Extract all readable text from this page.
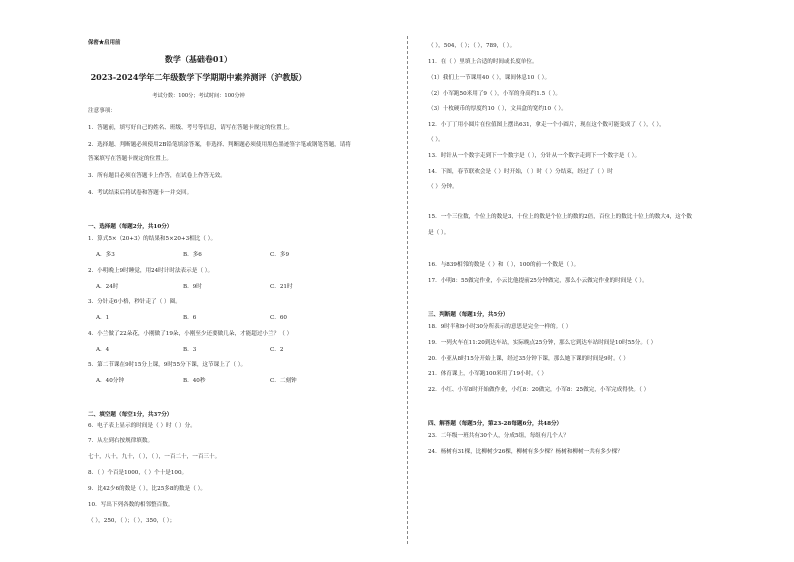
保密★启用前
数学（基础卷01）
2023-2024学年二年级数学下学期期中素养测评（沪教版）
考试分数：100分；考试时间：100分钟
注意事项：
1．答题前，填写好自己的姓名、班级、考号等信息，请写在答题卡规定的位置上。
2．选择题、判断题必须使用2B铅笔填涂答案，非选择、判断题必须使用黑色墨迹签字笔或钢笔答题，请将
答案填写在答题卡规定的位置上。
3．所有题目必须在答题卡上作答，在试卷上作答无效。
4．考试结束后将试卷和答题卡一并交回。
一、选择题（每题2分，共10分）
1．算式5×（20+3）的结果和5×20+3相比（ ）。
A．多3	B．多6	C．多9
2．小明晚上9时睡觉，用24时计时法表示是（ ）。
A．24时	B．9时	C．21时
3．分针走6小格，秒针走了（ ）圈。
A．1	B．6	C．60
4．小兰做了22朵花，小刚做了19朵，小刚至少还要做几朵，才能超过小兰？（ ）
A．4	B．3	C．2
5．第二节课在9时15分上课，9时55分下课，这节课上了（ ）。
A．40分钟	B．40秒	C．二刻钟
二、填空题（每空1分，共37分）
6．电子表上显示的时间是（ ）时（ ）分。
7．从左到右按规律填数。
七十，八十，九十，（ ），（ ），一百二十，一百三十。
8．（ ）个百是1000，（ ）个十是100。
9．比42少6的数是（ ），比25多8的数是（ ）。
10．写出下列各数的相邻整百数。
（ ），250，（ ）；（ ），350，（ ）；
（ ），504，（ ）；（ ），789，（ ）。
11．在（ ）里填上合适的时间或长度单位。
（1）我们上一节课用40（ ），课间休息10（ ）。
（2）小军跑50米用了9（ ），小军的身高约1.5（ ）。
（3）十枚硬币的厚度约10（ ），文具盒的宽约10（ ）。
12．小丁丁用小圆片在位值图上摆出631，拿走一个小圆片，现在这个数可能变成了（ ），（ ），
（ ）。
13．时针从一个数字走到下一个数字是（ ），分针从一个数字走到下一个数字是（ ）。
14．下图，春节联欢会是（ ）时开始，（ ）时（ ）分结束，经过了（ ）时
（ ）分钟。
15．一个三位数，个位上的数是3，十位上的数是个位上的数的2倍，百位上的数比十位上的数大4，这个数
是（ ）。
16．与839相邻的数是（ ）和（ ），100的前一个数是（ ）。
17．小明8：55做完作业，小云比他提前25分钟做完，那么小云做完作业的时间是（ ）。
三、判断题（每题1分，共5分）
18．9时半和9小时30分所表示的意思是完全一样的。（ ）
19．一列火车在11:20到达车站，实际晚点25分钟，那么它到达车站时间是10时55分。（ ）
20．小亚从8时15分开始上课，经过35分钟下课，那么她下课的时间是9时。（ ）
21．体育课上，小军跑100米用了19小时。（ ）
22．小红、小军8时开始做作业，小红8：20做完，小军8：25做完，小军完成得快。（ ）
四、解答题（每题5分，第23-28每题6分，共48分）
23．二年级一班共有30个人，分成5组，每组有几个人？
24．杨树有31棵，比柳树少26棵，柳树有多少棵？杨树和柳树一共有多少棵？
